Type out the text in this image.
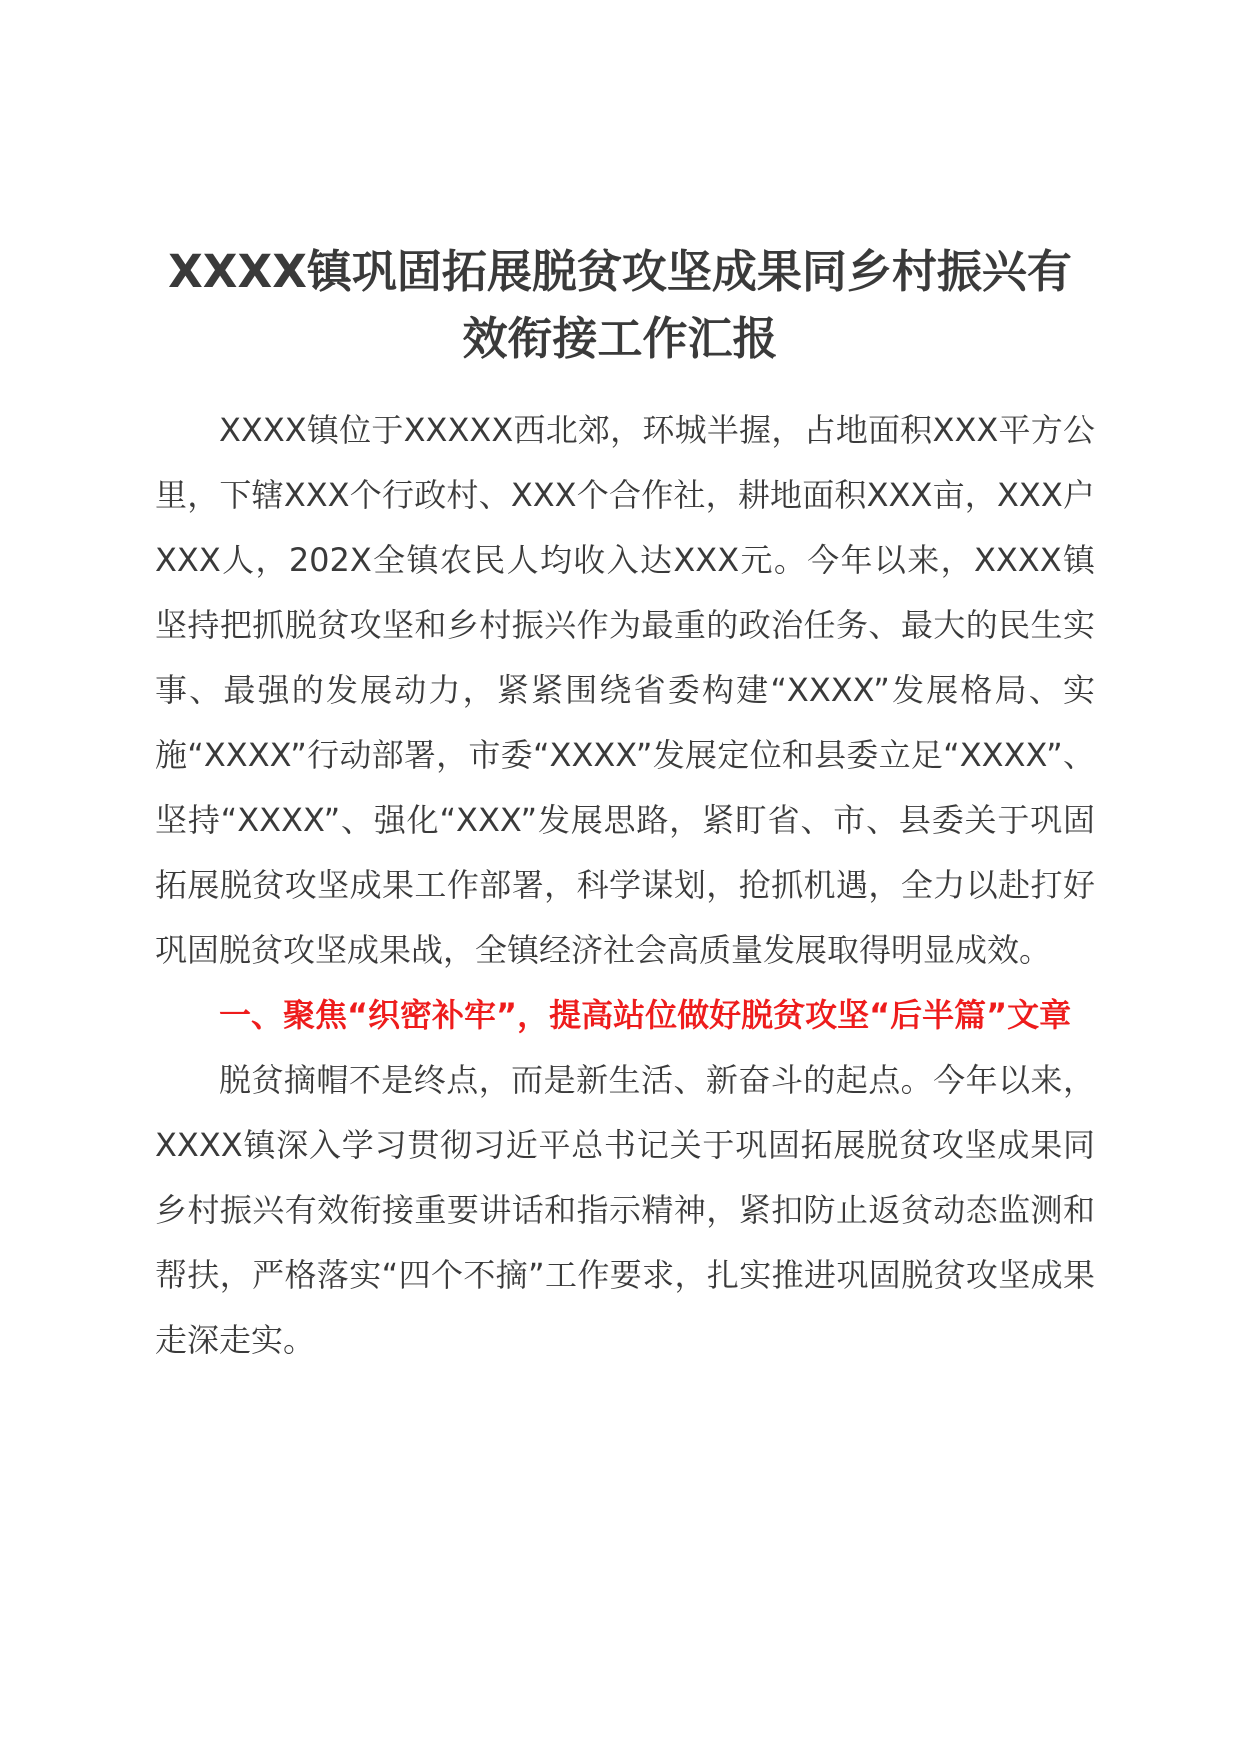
XXXX镇巩固拓展脱贫攻坚成果同乡村振兴有效衔接工作汇报

XXXX镇位于XXXXX西北郊，环城半握，占地面积XXX平方公里，下辖XXX个行政村、XXX个合作社，耕地面积XXX亩，XXX户XXX人，202X全镇农民人均收入达XXX元。今年以来，XXXX镇坚持把抓脱贫攻坚和乡村振兴作为最重的政治任务、最大的民生实事、最强的发展动力，紧紧围绕省委构建“XXXX”发展格局、实施“XXXX”行动部署，市委“XXXX”发展定位和县委立足“XXXX”、坚持“XXXX”、强化“XXX”发展思路，紧盯省、市、县委关于巩固拓展脱贫攻坚成果工作部署，科学谋划，抢抓机遇，全力以赴打好巩固脱贫攻坚成果战，全镇经济社会高质量发展取得明显成效。

一、聚焦“织密补牢”，提高站位做好脱贫攻坚“后半篇”文章

脱贫摘帽不是终点，而是新生活、新奋斗的起点。今年以来，XXXX镇深入学习贯彻习近平总书记关于巩固拓展脱贫攻坚成果同乡村振兴有效衔接重要讲话和指示精神，紧扣防止返贫动态监测和帮扶，严格落实“四个不摘”工作要求，扎实推进巩固脱贫攻坚成果走深走实。
